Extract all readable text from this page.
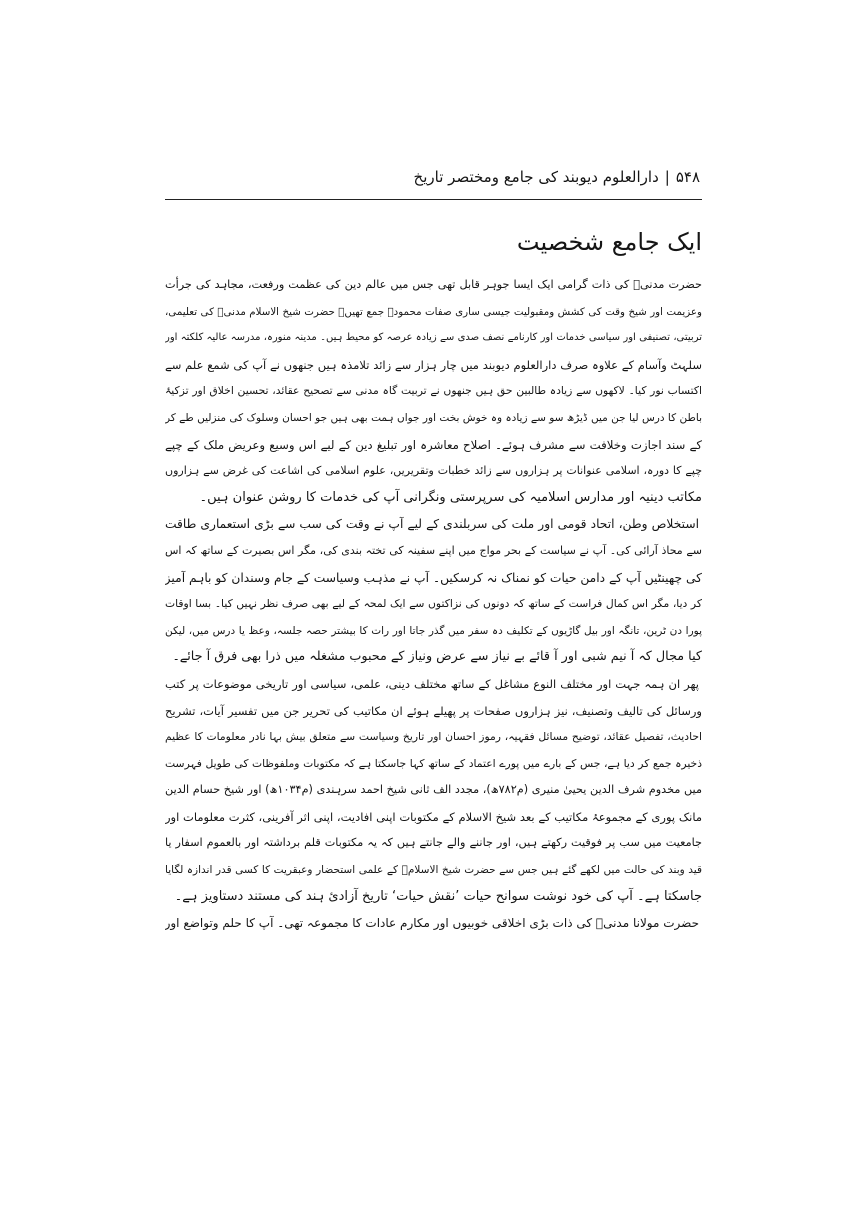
۵۴۸|دارالعلوم دیوبند کی جامع ومختصر تاریخ
ایک جامع شخصیت
حضرت مدنیؒ کی ذات گرامی ایک ایسا جوہر قابل تھی جس میں عالم دین کی عظمت ورفعت، مجاہد کی جرأت
وعزیمت اور شیخ وقت کی کشش ومقبولیت جیسی ساری صفات محمودہ جمع تھیں۔ حضرت شیخ الاسلام مدنیؒ کی تعلیمی،
تربیتی، تصنیفی اور سیاسی خدمات اور کارنامے نصف صدی سے زیادہ عرصہ کو محیط ہیں۔ مدینہ منورہ، مدرسہ عالیہ کلکتہ اور
سلہٹ وآسام کے علاوہ صرف دارالعلوم دیوبند میں چار ہزار سے زائد تلامذہ ہیں جنھوں نے آپ کی شمع علم سے
اکتساب نور کیا۔ لاکھوں سے زیادہ طالبین حق ہیں جنھوں نے تربیت گاہ مدنی سے تصحیح عقائد، تحسین اخلاق اور تزکیۂ
باطن کا درس لیا جن میں ڈیڑھ سو سے زیادہ وہ خوش بخت اور جواں ہمت بھی ہیں جو احسان وسلوک کی منزلیں طے کر
کے سند اجازت وخلافت سے مشرف ہوئے۔ اصلاح معاشرہ اور تبلیغ دین کے لیے اس وسیع وعریض ملک کے چپے
چپے کا دورہ، اسلامی عنوانات پر ہزاروں سے زائد خطبات وتقریریں، علوم اسلامی کی اشاعت کی غرض سے ہزاروں
مکاتب دینیہ اور مدارس اسلامیہ کی سرپرستی ونگرانی آپ کی خدمات کا روشن عنوان ہیں۔
استخلاص وطن، اتحاد قومی اور ملت کی سربلندی کے لیے آپ نے وقت کی سب سے بڑی استعماری طاقت
سے محاذ آرائی کی۔ آپ نے سیاست کے بحر مواج میں اپنے سفینہ کی تختہ بندی کی، مگر اس بصیرت کے ساتھ کہ اس
کی چھینٹیں آپ کے دامن حیات کو نمناک نہ کرسکیں۔ آپ نے مذہب وسیاست کے جام وسندان کو باہم آمیز
کر دیا، مگر اس کمال فراست کے ساتھ کہ دونوں کی نزاکتوں سے ایک لمحہ کے لیے بھی صرف نظر نہیں کیا۔ بسا اوقات
پورا دن ٹرین، تانگہ اور بیل گاڑیوں کے تکلیف دہ سفر میں گذر جاتا اور رات کا بیشتر حصہ جلسہ، وعظ یا درس میں، لیکن
کیا مجال کہ آ نیم شبی اور آ قائے بے نیاز سے عرض ونیاز کے محبوب مشغلہ میں ذرا بھی فرق آ جائے۔
پھر ان ہمہ جہت اور مختلف النوع مشاغل کے ساتھ مختلف دینی، علمی، سیاسی اور تاریخی موضوعات پر کتب
ورسائل کی تالیف وتصنیف، نیز ہزاروں صفحات پر پھیلے ہوئے ان مکاتیب کی تحریر جن میں تفسیر آیات، تشریح
احادیث، تفصیل عقائد، توضیح مسائل فقہیہ، رموز احسان اور تاریخ وسیاست سے متعلق بیش بہا نادر معلومات کا عظیم
ذخیرہ جمع کر دیا ہے، جس کے بارے میں پورے اعتماد کے ساتھ کہا جاسکتا ہے کہ مکتوبات وملفوظات کی طویل فہرست
میں مخدوم شرف الدین یحییٰ منیری (م۷۸۲ھ)، مجدد الف ثانی شیخ احمد سرہندی (م۱۰۳۴ھ) اور شیخ حسام الدین
مانک پوری کے مجموعۂ مکاتیب کے بعد شیخ الاسلام کے مکتوبات اپنی افادیت، اپنی اثر آفرینی، کثرت معلومات اور
جامعیت میں سب پر فوقیت رکھتے ہیں، اور جاننے والے جانتے ہیں کہ یہ مکتوبات قلم برداشتہ اور بالعموم اسفار یا
قید وبند کی حالت میں لکھے گئے ہیں جس سے حضرت شیخ الاسلامؒ کے علمی استحضار وعبقریت کا کسی قدر اندازہ لگایا
جاسکتا ہے۔ آپ کی خود نوشت سوانح حیات ’نقش حیات‘ تاریخ آزادیٔ ہند کی مستند دستاویز ہے۔
حضرت مولانا مدنیؒ کی ذات بڑی اخلاقی خوبیوں اور مکارم عادات کا مجموعہ تھی۔ آپ کا حلم وتواضع اور
